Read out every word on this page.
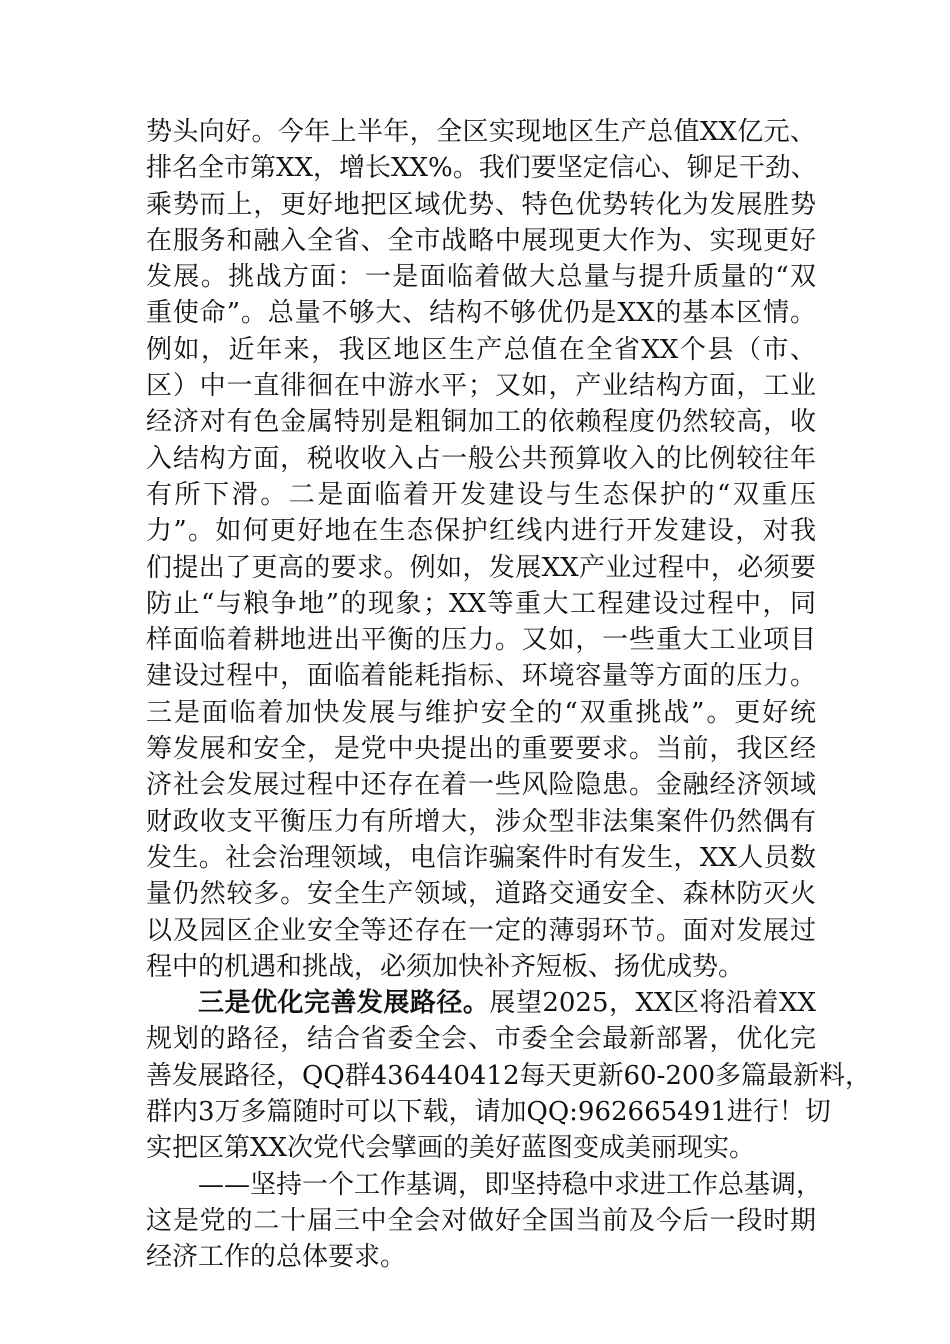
势头向好。今年上半年，全区实现地区生产总值XX亿元、
排名全市第XX，增长XX%。我们要坚定信心、铆足干劲、
乘势而上，更好地把区域优势、特色优势转化为发展胜势
在服务和融入全省、全市战略中展现更大作为、实现更好
发展。挑战方面：一是面临着做大总量与提升质量的“双
重使命”。总量不够大、结构不够优仍是XX的基本区情。
例如，近年来，我区地区生产总值在全省XX个县（市、
区）中一直徘徊在中游水平；又如，产业结构方面，工业
经济对有色金属特别是粗铜加工的依赖程度仍然较高，收
入结构方面，税收收入占一般公共预算收入的比例较往年
有所下滑。二是面临着开发建设与生态保护的“双重压
力”。如何更好地在生态保护红线内进行开发建设，对我
们提出了更高的要求。例如，发展XX产业过程中，必须要
防止“与粮争地”的现象；XX等重大工程建设过程中，同
样面临着耕地进出平衡的压力。又如，一些重大工业项目
建设过程中，面临着能耗指标、环境容量等方面的压力。
三是面临着加快发展与维护安全的“双重挑战”。更好统
筹发展和安全，是党中央提出的重要要求。当前，我区经
济社会发展过程中还存在着一些风险隐患。金融经济领域
财政收支平衡压力有所增大，涉众型非法集案件仍然偶有
发生。社会治理领域，电信诈骗案件时有发生，XX人员数
量仍然较多。安全生产领域，道路交通安全、森林防灭火
以及园区企业安全等还存在一定的薄弱环节。面对发展过
程中的机遇和挑战，必须加快补齐短板、扬优成势。
三是优化完善发展路径。展望2025，XX区将沿着XX
规划的路径，结合省委全会、市委全会最新部署，优化完
善发展路径，QQ群436440412每天更新60-200多篇最新料，
群内3万多篇随时可以下载，请加QQ:962665491进行！切
实把区第XX次党代会擘画的美好蓝图变成美丽现实。
——坚持一个工作基调，即坚持稳中求进工作总基调，
这是党的二十届三中全会对做好全国当前及今后一段时期
经济工作的总体要求。
